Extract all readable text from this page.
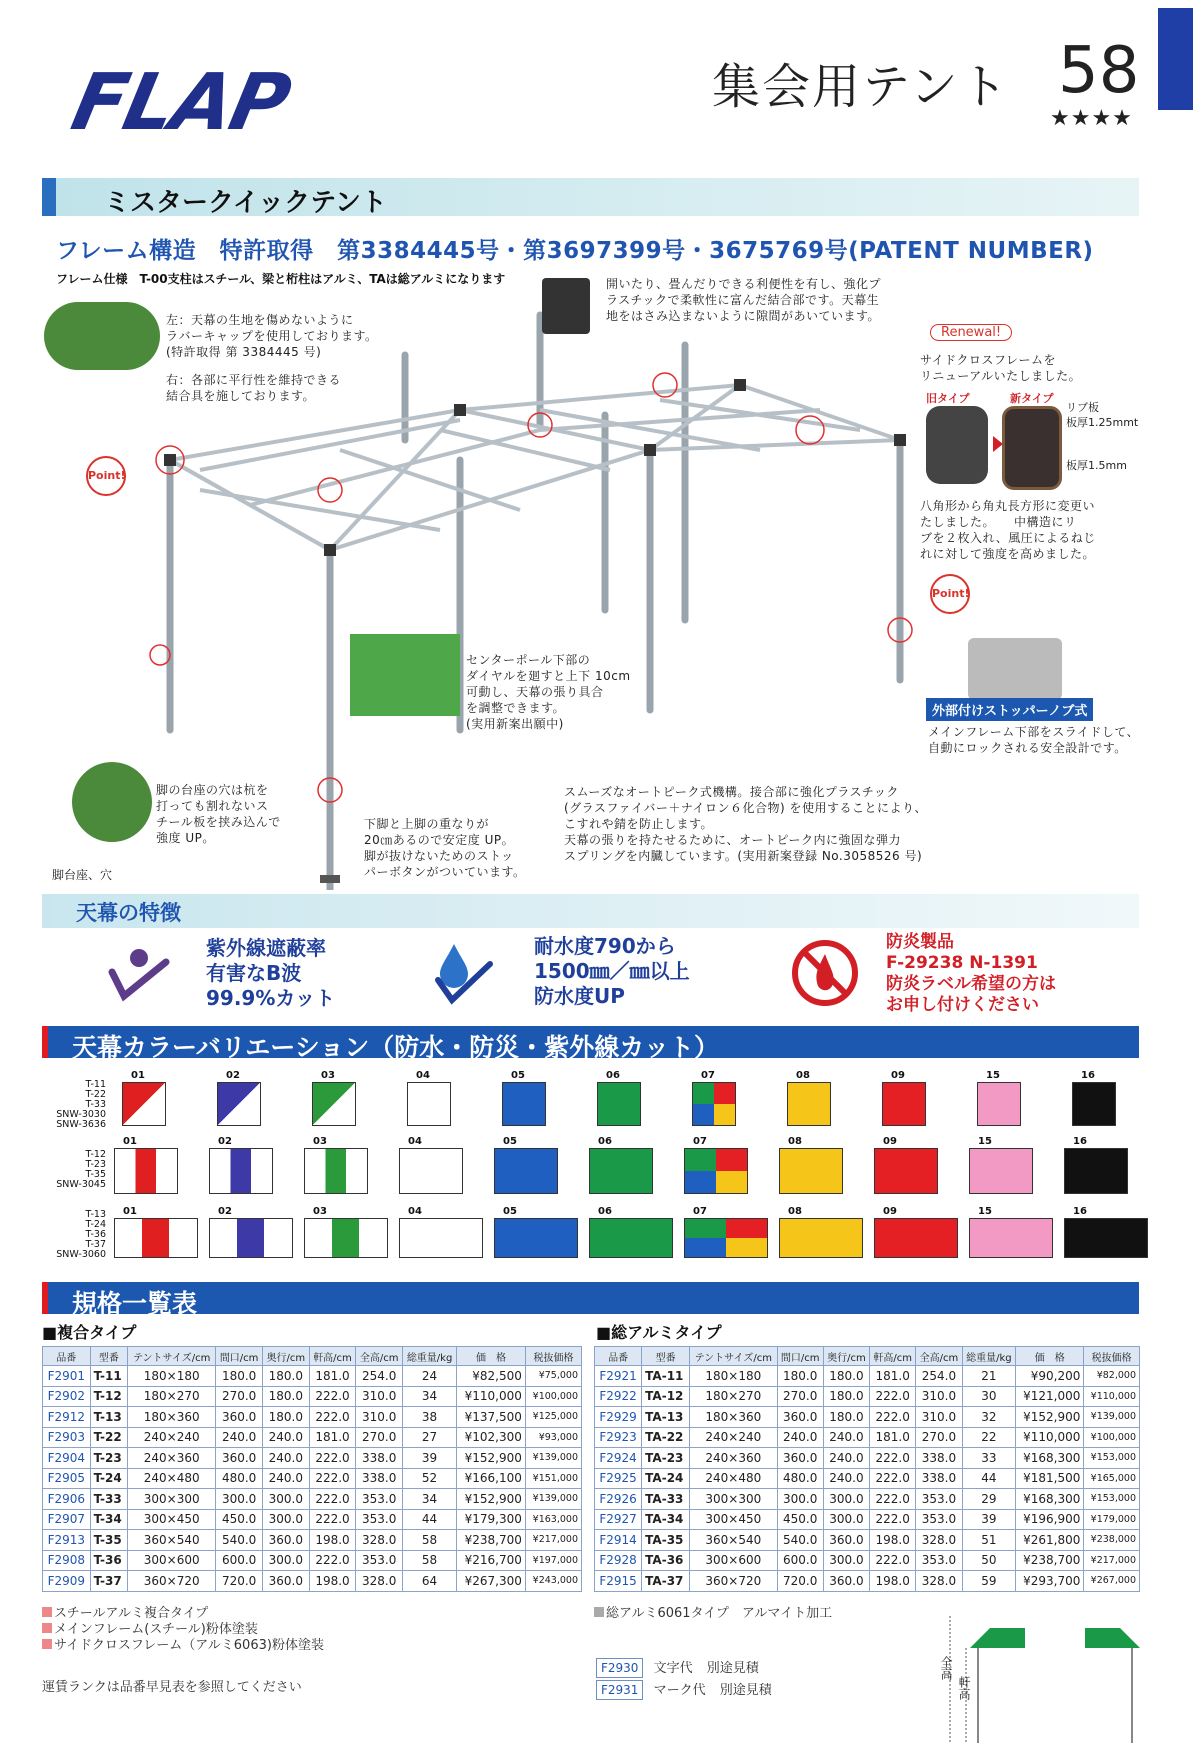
FLAP	集会用テント 58
★★★★
ミスタークイックテント
フレーム構造　特許取得　第3384445号・第3697399号・3675769号(PATENT NUMBER)
フレーム仕様　T-00支柱はスチール、梁と桁柱はアルミ、TAは総アルミになります
左：天幕の生地を傷めないように
ラバーキャップを使用しております。
(特許取得 第 3384445 号)
右：各部に平行性を維持できる
結合具を施しております。
Point!
開いたり、畳んだりできる利便性を有し、強化プ
ラスチックで柔軟性に富んだ結合部です。天幕生
地をはさみ込まないように隙間があいています。
Renewal!
サイドクロスフレームを
リニューアルいたしました。
旧タイプ	新タイプ
リブ板
板厚1.25mmt
板厚1.5mm
八角形から角丸長方形に変更い
たしました。　　中構造にリ
ブを２枚入れ、風圧によるねじ
れに対して強度を高めました。
Point!
センターポール下部の
ダイヤルを廻すと上下 10cm
可動し、天幕の張り具合
を調整できます。
(実用新案出願中)
外部付けストッパーノブ式
メインフレーム下部をスライドして、
自動にロックされる安全設計です。
脚の台座の穴は杭を
打っても割れないス
チール板を挟み込んで
強度 UP。
脚台座、穴
下脚と上脚の重なりが
20㎝あるので安定度 UP。
脚が抜けないためのストッ
パーボタンがついています。
スムーズなオートピーク式機構。接合部に強化プラスチック
(グラスファイバー＋ナイロン６化合物) を使用することにより、
こすれや錆を防止します。
天幕の張りを持たせるために、オートピーク内に強固な弾力
スプリングを内臓しています。(実用新案登録 No.3058526 号)
天幕の特徴
紫外線遮蔽率
有害なB波
99.9%カット
耐水度790から
1500㎜／㎜以上
防水度UP
防炎製品
F-29238 N-1391
防炎ラベル希望の方は
お申し付けください
天幕カラーバリエーション（防水・防災・紫外線カット）
T-11
T-22
T-33
SNW-3030
SNW-3636
T-12
T-23
T-35
SNW-3045
T-13
T-24
T-36
T-37
SNW-3060
01	02	03	04	05	06	07	08	09	15	16
01	02	03	04	05	06	07	08	09	15	16
01	02	03	04	05	06	07	08	09	15	16
規格一覧表
■複合タイプ	■総アルミタイプ
品番	型番	テントサイズ/cm	間口/cm	奥行/cm	軒高/cm	全高/cm	総重量/kg	価　格	税抜価格
F2901	T-11	180×180	180.0	180.0	181.0	254.0	24	¥82,500	¥75,000
F2902	T-12	180×270	270.0	180.0	222.0	310.0	34	¥110,000	¥100,000
F2912	T-13	180×360	360.0	180.0	222.0	310.0	38	¥137,500	¥125,000
F2903	T-22	240×240	240.0	240.0	181.0	270.0	27	¥102,300	¥93,000
F2904	T-23	240×360	360.0	240.0	222.0	338.0	39	¥152,900	¥139,000
F2905	T-24	240×480	480.0	240.0	222.0	338.0	52	¥166,100	¥151,000
F2906	T-33	300×300	300.0	300.0	222.0	353.0	34	¥152,900	¥139,000
F2907	T-34	300×450	450.0	300.0	222.0	353.0	44	¥179,300	¥163,000
F2913	T-35	360×540	540.0	360.0	198.0	328.0	58	¥238,700	¥217,000
F2908	T-36	300×600	600.0	300.0	222.0	353.0	58	¥216,700	¥197,000
F2909	T-37	360×720	720.0	360.0	198.0	328.0	64	¥267,300	¥243,000
品番	型番	テントサイズ/cm	間口/cm	奥行/cm	軒高/cm	全高/cm	総重量/kg	価　格	税抜価格
F2921	TA-11	180×180	180.0	180.0	181.0	254.0	21	¥90,200	¥82,000
F2922	TA-12	180×270	270.0	180.0	222.0	310.0	30	¥121,000	¥110,000
F2929	TA-13	180×360	360.0	180.0	222.0	310.0	32	¥152,900	¥139,000
F2923	TA-22	240×240	240.0	240.0	181.0	270.0	22	¥110,000	¥100,000
F2924	TA-23	240×360	360.0	240.0	222.0	338.0	33	¥168,300	¥153,000
F2925	TA-24	240×480	480.0	240.0	222.0	338.0	44	¥181,500	¥165,000
F2926	TA-33	300×300	300.0	300.0	222.0	353.0	29	¥168,300	¥153,000
F2927	TA-34	300×450	450.0	300.0	222.0	353.0	39	¥196,900	¥179,000
F2914	TA-35	360×540	540.0	360.0	198.0	328.0	51	¥261,800	¥238,000
F2928	TA-36	300×600	600.0	300.0	222.0	353.0	50	¥238,700	¥217,000
F2915	TA-37	360×720	720.0	360.0	198.0	328.0	59	¥293,700	¥267,000
スチールアルミ複合タイプ
メインフレーム(スチール)粉体塗装
サイドクロスフレーム（アルミ6063)粉体塗装
総アルミ6061タイプ　アルマイト加工
F2930 文字代 別途見積
F2931 マーク代 別途見積
全高
軒高
運賃ランクは品番早見表を参照してください
